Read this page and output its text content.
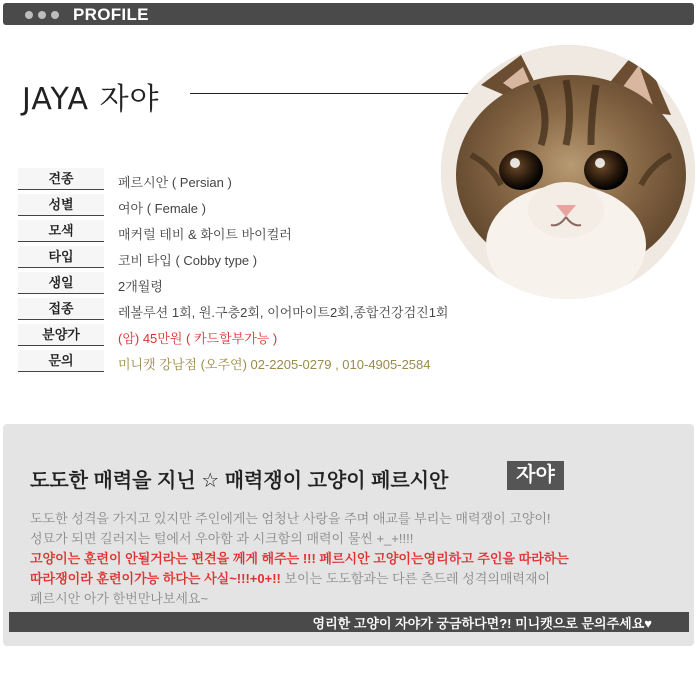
PROFILE
JAYA 자야
견종	페르시안 ( Persian )
성별	여아 ( Female )
모색	매커럴 테비 & 화이트 바이컬러
타입	코비 타입 ( Cobby type )
생일	2개월령
접종	레볼루션 1회, 원.구충2회, 이어마이트2회,종합건강검진1회
분양가	(암) 45만원 ( 카드할부가능 )
문의	미니캣 강남점 (오주연) 02-2205-0279 , 010-4905-2584
도도한 매력을 지닌 ☆ 매력쟁이 고양이 페르시안	자야
도도한 성격을 가지고 있지만 주인에게는 엄청난 사랑을 주며 애교를 부리는 매력쟁이 고양이!
성묘가 되면 길러지는 털에서 우아함 과 시크함의 매력이 물씬 +_+!!!!
고양이는 훈련이 안될거라는 편견을 께게 해주는 !!! 페르시안 고양이는영리하고 주인을 따라하는
따라쟁이라 훈련이가능 하다는 사실~!!!+0+!! 보이는 도도함과는 다른 츤드레 성격의매력재이
페르시안 아가 한번만나보세요~
영리한 고양이 자야가 궁금하다면?! 미니캣으로 문의주세요♥
